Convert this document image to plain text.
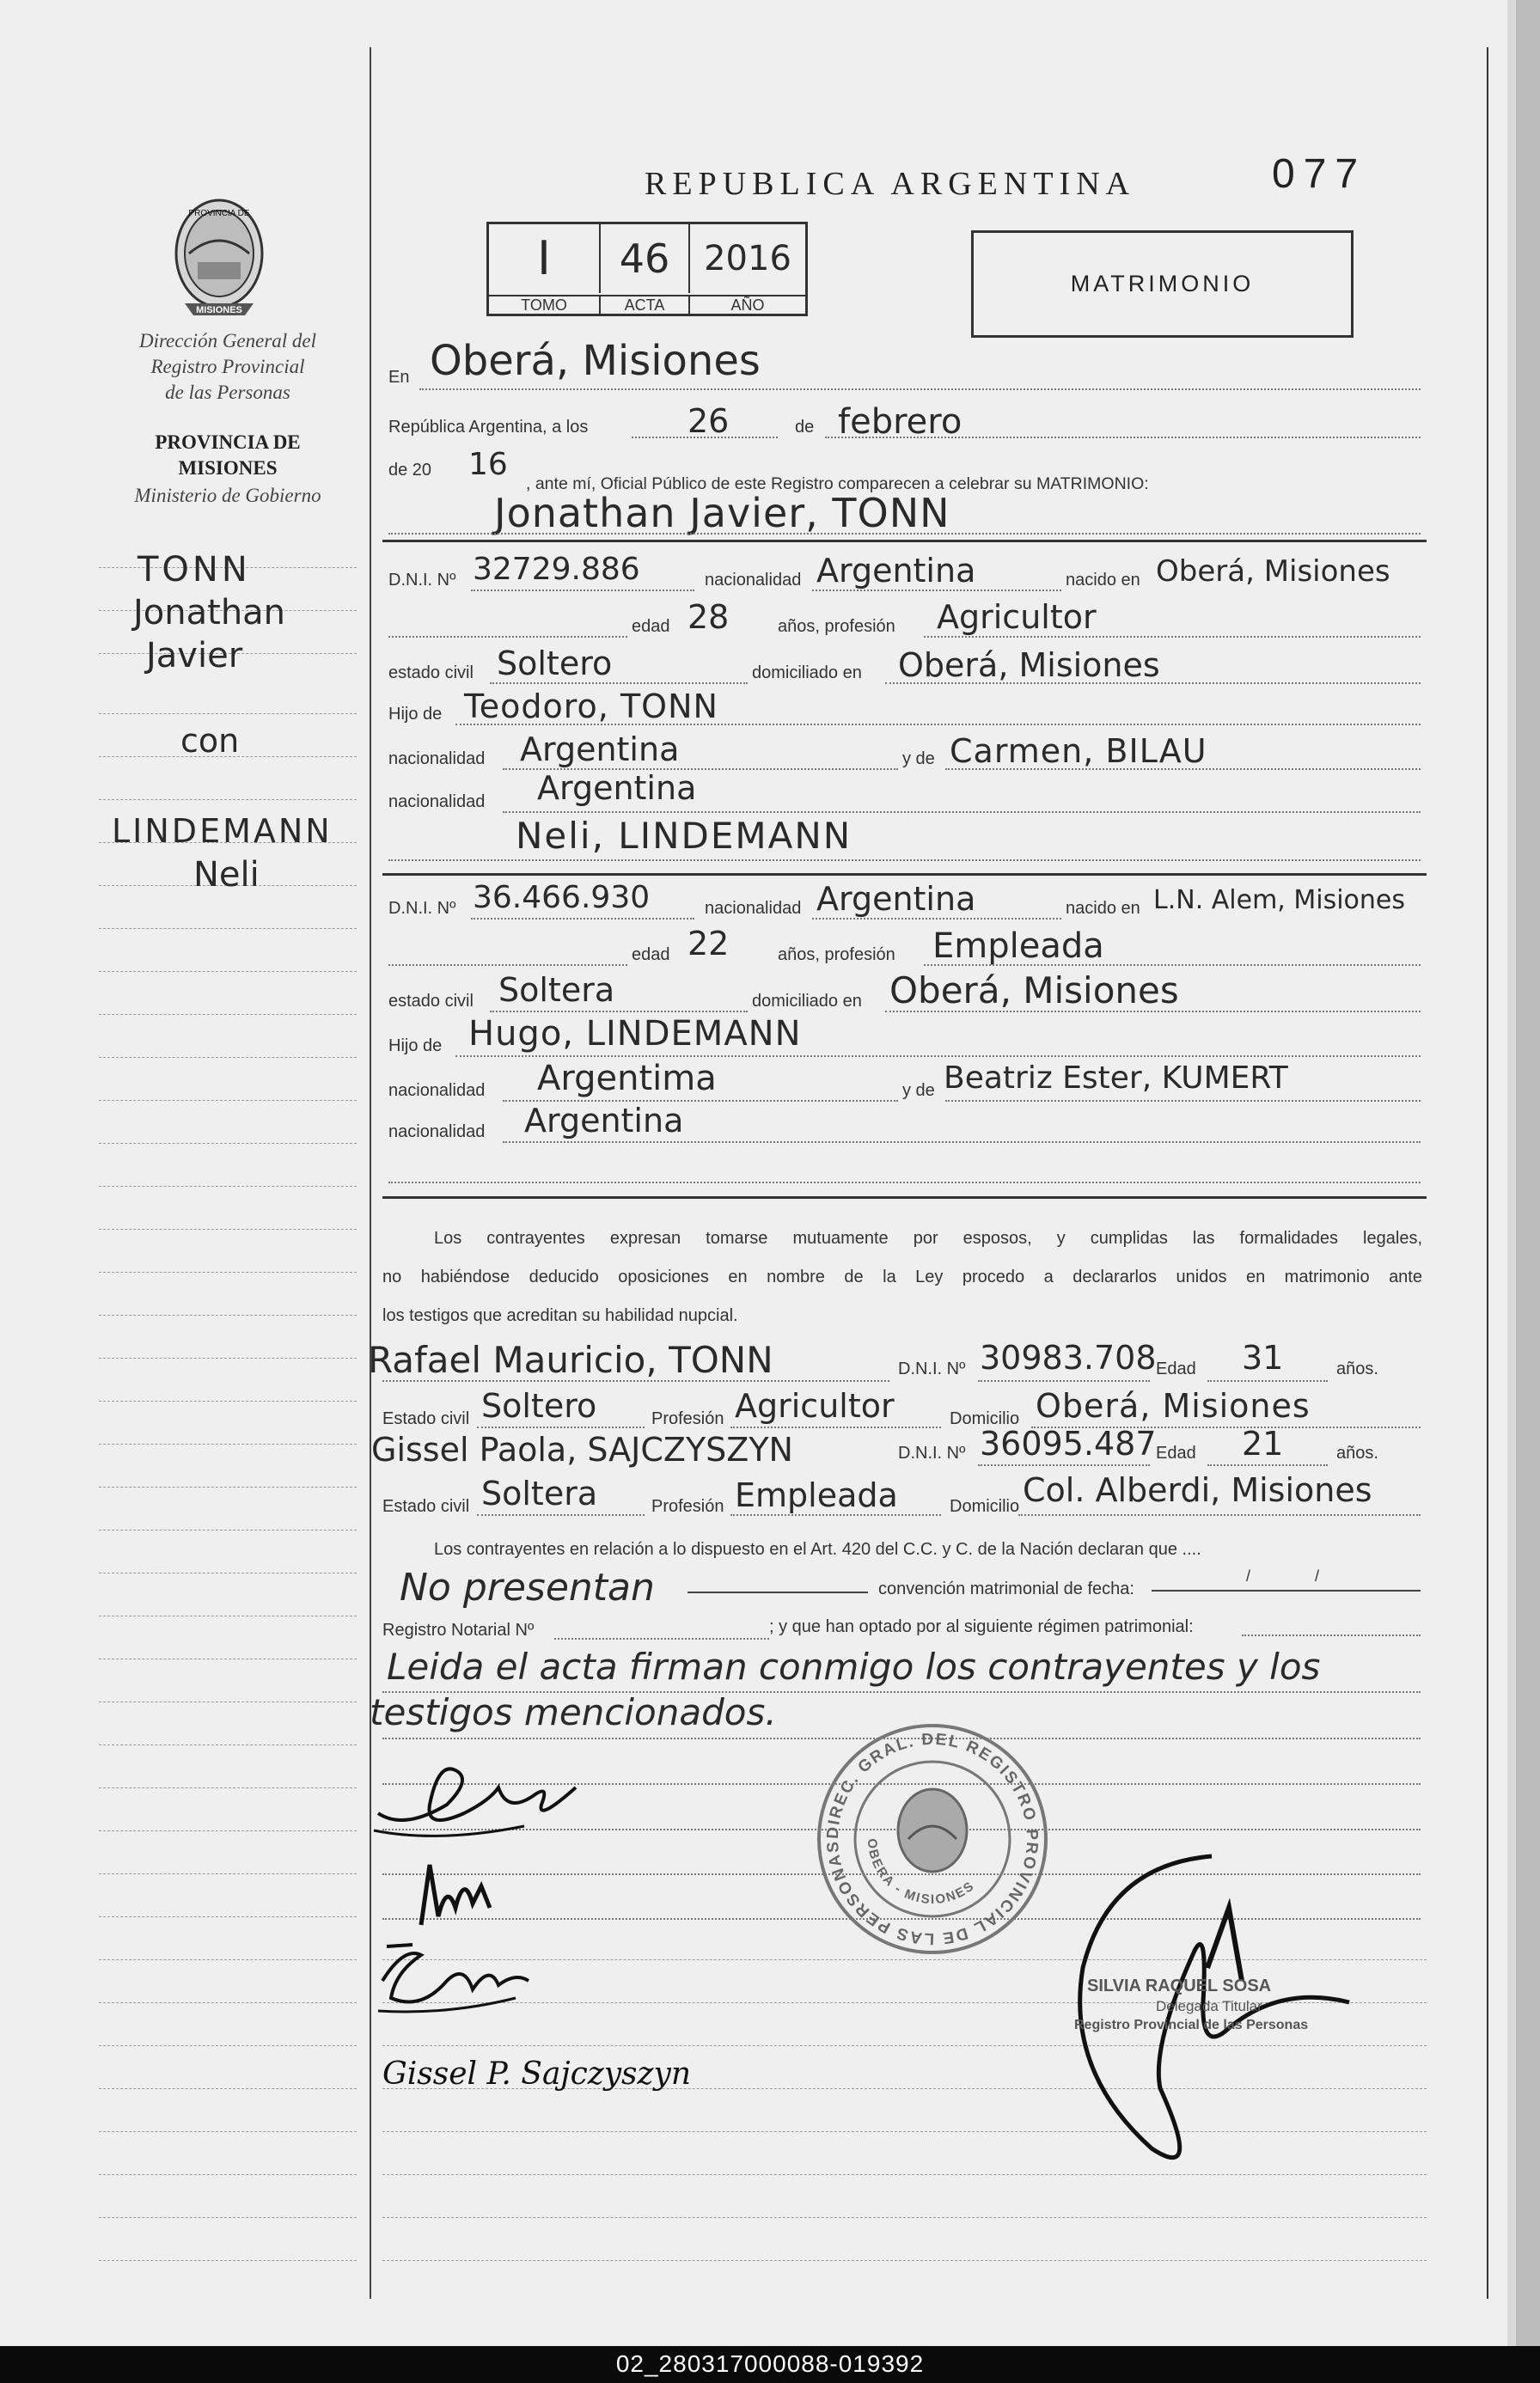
PROVINCIA DE
MISIONES
Dirección General del
Registro Provincial
de las Personas
PROVINCIA DE
MISIONES
Ministerio de Gobierno
TONN
Jonathan
Javier
con
LINDEMANN
Neli
REPUBLICA ARGENTINA	077
I	46 2016
TOMO	ACTA	AÑO
MATRIMONIO
En Oberá, Misiones
República Argentina, a los	26	de febrero
de 20 16
, ante mí, Oficial Público de este Registro comparecen a celebrar su MATRIMONIO:
Jonathan Javier, TONN
D.N.I. Nº 32729.886	nacionalidad Argentina	nacido en Oberá, Misiones
edad 28	años, profesión Agricultor
estado civil Soltero	domiciliado en Oberá, Misiones
Hijo de Teodoro, TONN
nacionalidad Argentina	y de Carmen, BILAU
nacionalidad Argentina
Neli, LINDEMANN
D.N.I. Nº 36.466.930	nacionalidad Argentina	nacido en L.N. Alem, Misiones
edad 22	años, profesión Empleada
estado civil Soltera	domiciliado en Oberá, Misiones
Hijo de Hugo, LINDEMANN
nacionalidad Argentima	y de Beatriz Ester, KUMERT
nacionalidad Argentina
Los contrayentes expresan tomarse mutuamente por esposos, y cumplidas las formalidades legales,
no habiéndose deducido oposiciones en nombre de la Ley procedo a declararlos unidos en matrimonio ante
los testigos que acreditan su habilidad nupcial.
Rafael Mauricio, TONN	D.N.I. Nº 30983.708 Edad 31	años.
Estado civil Soltero	Profesión Agricultor	Domicilio Oberá, Misiones
Gissel Paola, SAJCZYSZYN	D.N.I. Nº 36095.487 Edad 21	años.
Estado civil Soltera	Profesión Empleada	Domicilio Col. Alberdi, Misiones
Los contrayentes en relación a lo dispuesto en el Art. 420 del C.C. y C. de la Nación declaran que ....
No presentan	convención matrimonial de fecha:
/ /
Registro Notarial Nº	; y que han optado por al siguiente régimen patrimonial:
Leida el acta firman conmigo los contrayentes y los
testigos mencionados.
Gissel P. Sajczyszyn
DIREC. GRAL. DEL REGISTRO PROVINCIAL DE LAS PERSONAS	OBERA - MISIONES
SILVIA RAQUEL SOSA
Delegada Titular
Registro Provincial de las Personas
02_280317000088-019392
